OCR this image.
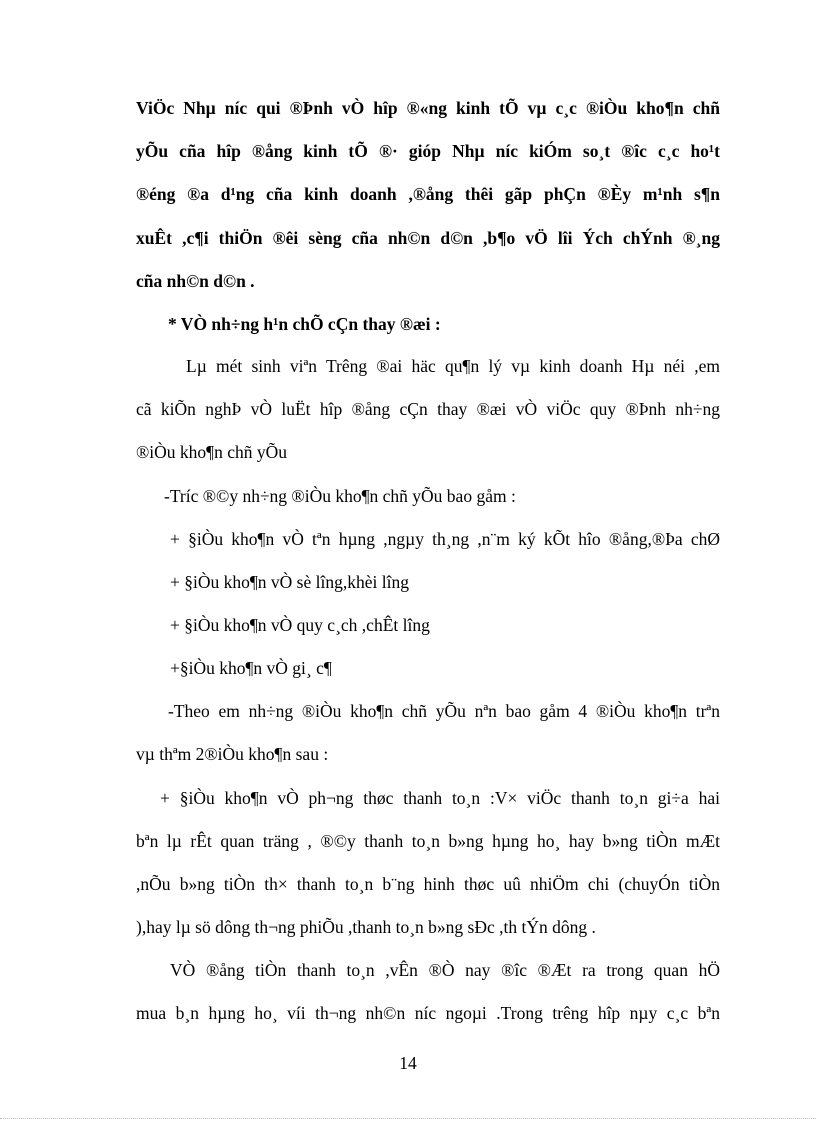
ViÖc Nhµ níc qui ®Þnh vÒ hîp ®«ng kinh tÕ vµ c¸c ®iÒu kho¶n chñ
yÕu cña hîp ®ång kinh tÕ ®· gióp Nhµ níc kiÓm so¸t ®îc c¸c ho¹t
®éng ®a d¹ng cña kinh doanh ,®ång thêi gãp phÇn ®Èy m¹nh s¶n
xuÊt ,c¶i thiÖn ®êi sèng cña nh©n d©n ,b¶o vÖ lîi Ých chÝnh ®¸ng
cña nh©n d©n .
* VÒ nh÷ng h¹n chÕ cÇn thay ®æi :
Lµ mét sinh viªn Trêng ®ai häc qu¶n lý vµ kinh doanh Hµ néi ,em
cã kiÕn nghÞ vÒ luËt hîp ®ång cÇn thay ®æi vÒ viÖc quy ®Þnh nh÷ng
®iÒu kho¶n chñ yÕu
-Tríc ®©y nh÷ng ®iÒu kho¶n chñ yÕu bao gåm :
+ §iÒu kho¶n vÒ tªn hµng ,ngµy th¸ng ,n¨m ký kÕt hîo ®ång,®Þa chØ
+ §iÒu kho¶n vÒ sè lîng,khèi lîng
+ §iÒu kho¶n vÒ quy c¸ch ,chÊt lîng
+§iÒu kho¶n vÒ gi¸ c¶
-Theo em nh÷ng ®iÒu kho¶n chñ yÕu nªn bao gåm 4 ®iÒu kho¶n trªn
vµ thªm 2®iÒu kho¶n sau :
+ §iÒu kho¶n vÒ ph¬ng thøc thanh to¸n :V× viÖc thanh to¸n gi÷a hai
bªn lµ rÊt quan träng , ®©y thanh to¸n b»ng hµng ho¸ hay b»ng tiÒn mÆt
,nÕu b»ng tiÒn th× thanh to¸n b¨ng hinh thøc uû nhiÖm chi (chuyÓn tiÒn
),hay lµ sö dông th¬ng phiÕu ,thanh to¸n b»ng sÐc ,th tÝn dông .
VÒ ®ång tiÒn thanh to¸n ,vÊn ®Ò nay ®îc ®Æt ra trong quan hÖ
mua b¸n hµng ho¸ víi th¬ng nh©n níc ngoµi .Trong trêng hîp nµy c¸c bªn
14
